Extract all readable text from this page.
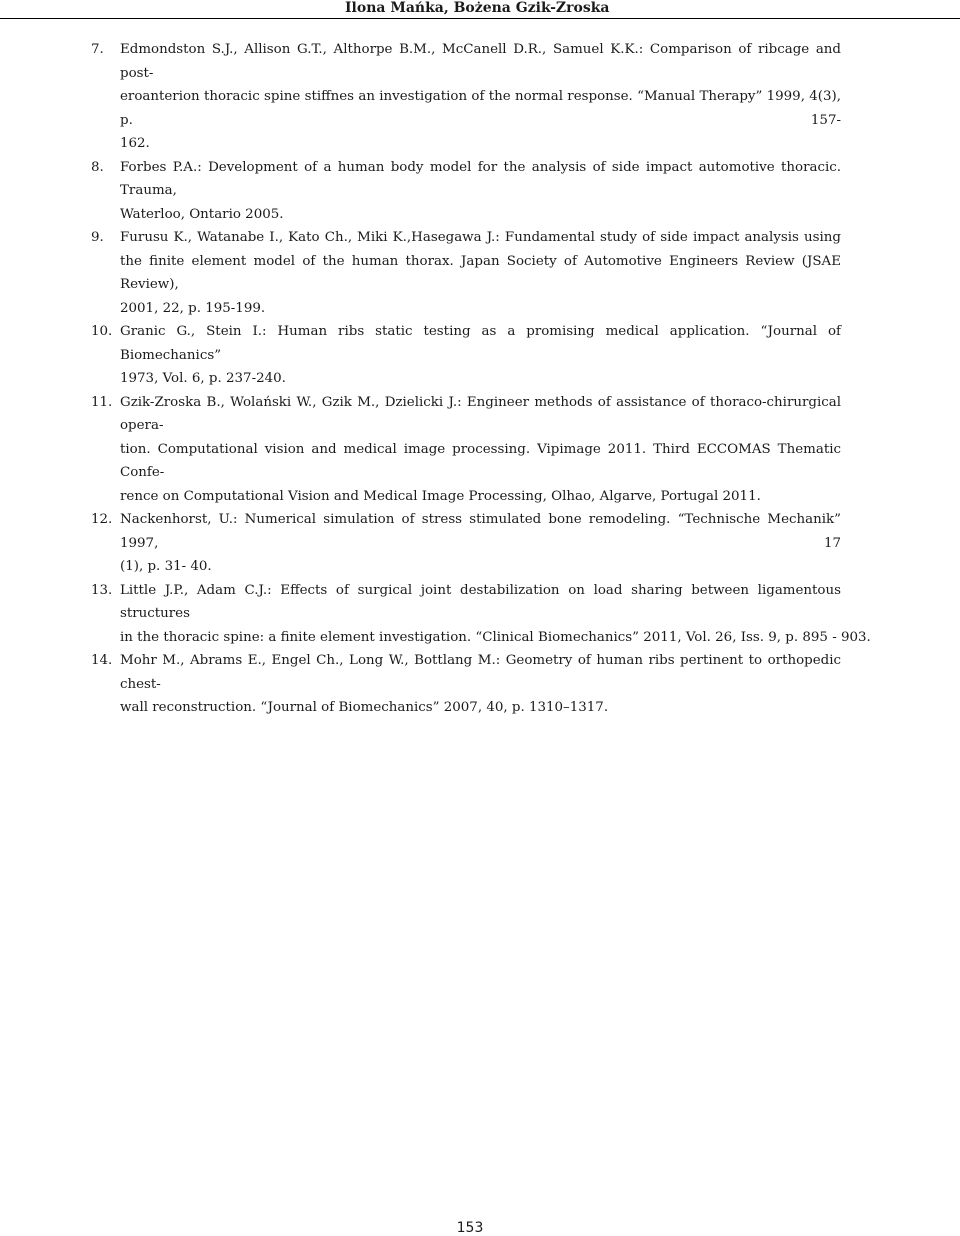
Ilona Mańka, Bożena Gzik-Zroska
7. Edmondston S.J., Allison G.T., Althorpe B.M., McCanell D.R., Samuel K.K.: Comparison of ribcage and post-
eroanterion thoracic spine stiffnes an investigation of the normal response. “Manual Therapy” 1999, 4(3), p. 157-
162.
8. Forbes P.A.: Development of a human body model for the analysis of side impact automotive thoracic. Trauma,
Waterloo, Ontario 2005.
9. Furusu K., Watanabe I., Kato Ch., Miki K.,Hasegawa J.: Fundamental study of side impact analysis using
the finite element model of the human thorax. Japan Society of Automotive Engineers Review (JSAE Review),
2001, 22, p. 195-199.
10. Granic G., Stein I.: Human ribs static testing as a promising medical application. “Journal of Biomechanics”
1973, Vol. 6, p. 237-240.
11. Gzik-Zroska B., Wolański W., Gzik M., Dzielicki J.: Engineer methods of assistance of thoraco-chirurgical opera-
tion. Computational vision and medical image processing. Vipimage 2011. Third ECCOMAS Thematic Confe-
rence on Computational Vision and Medical Image Processing, Olhao, Algarve, Portugal 2011.
12. Nackenhorst, U.: Numerical simulation of stress stimulated bone remodeling. “Technische Mechanik” 1997, 17
(1), p. 31- 40.
13. Little J.P., Adam C.J.: Effects of surgical joint destabilization on load sharing between ligamentous structures
in the thoracic spine: a finite element investigation. “Clinical Biomechanics” 2011, Vol. 26, Iss. 9, p. 895 - 903.
14. Mohr M., Abrams E., Engel Ch., Long W., Bottlang M.: Geometry of human ribs pertinent to orthopedic chest-
wall reconstruction. “Journal of Biomechanics” 2007, 40, p. 1310–1317.
153
